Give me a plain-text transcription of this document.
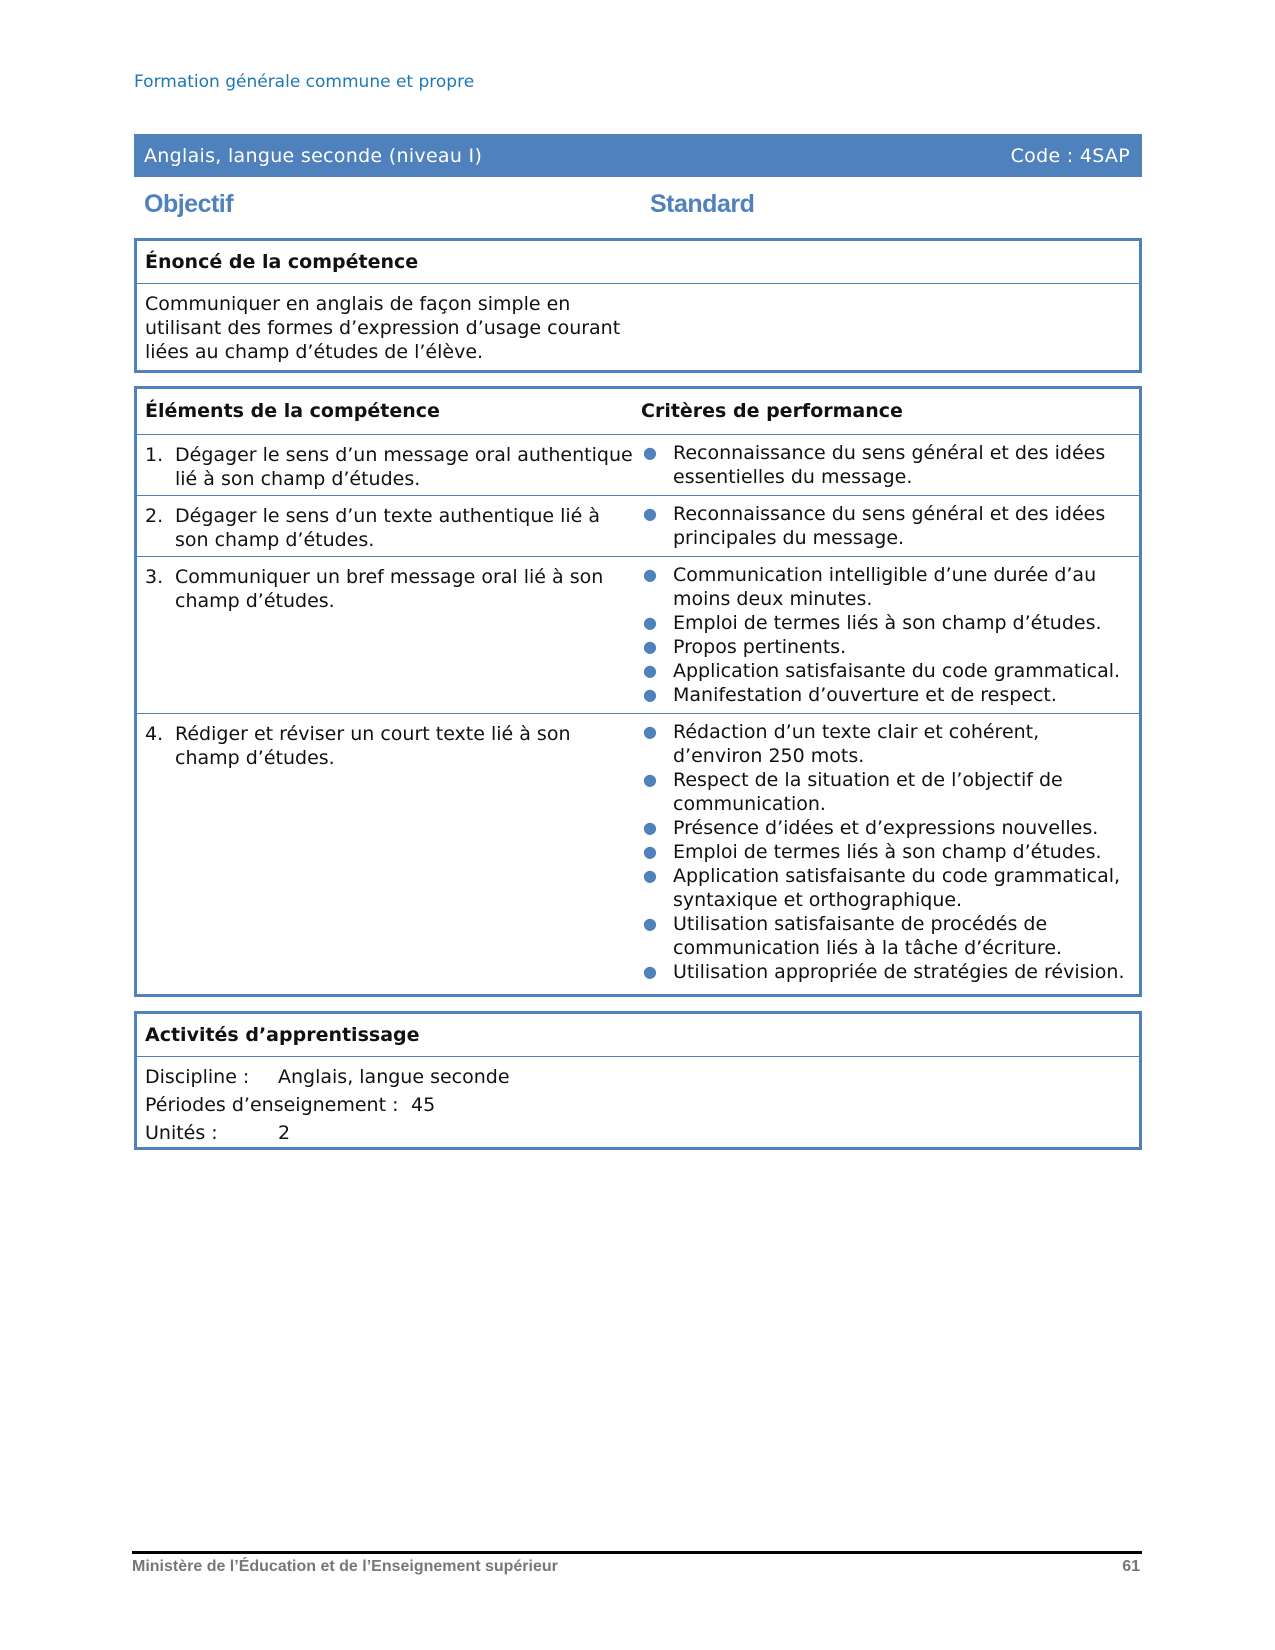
Formation générale commune et propre
Anglais, langue seconde (niveau I)	Code : 4SAP
Objectif	Standard
Énoncé de la compétence
Communiquer en anglais de façon simple en
utilisant des formes d’expression d’usage courant
liées au champ d’études de l’élève.
Éléments de la compétence	Critères de performance
1. Dégager le sens d’un message oral authentique lié à son champ d’études.
● Reconnaissance du sens général et des idées essentielles du message.
2. Dégager le sens d’un texte authentique lié à son champ d’études.
● Reconnaissance du sens général et des idées principales du message.
3. Communiquer un bref message oral lié à son champ d’études.
● Communication intelligible d’une durée d’au moins deux minutes.
● Emploi de termes liés à son champ d’études.
● Propos pertinents.
● Application satisfaisante du code grammatical.
● Manifestation d’ouverture et de respect.
4. Rédiger et réviser un court texte lié à son champ d’études.
● Rédaction d’un texte clair et cohérent, d’environ 250 mots.
● Respect de la situation et de l’objectif de communication.
● Présence d’idées et d’expressions nouvelles.
● Emploi de termes liés à son champ d’études.
● Application satisfaisante du code grammatical, syntaxique et orthographique.
● Utilisation satisfaisante de procédés de communication liés à la tâche d’écriture.
● Utilisation appropriée de stratégies de révision.
Activités d’apprentissage
Discipline :	Anglais, langue seconde
Périodes d’enseignement : 45
Unités :	2
Ministère de l’Éducation et de l’Enseignement supérieur	61
